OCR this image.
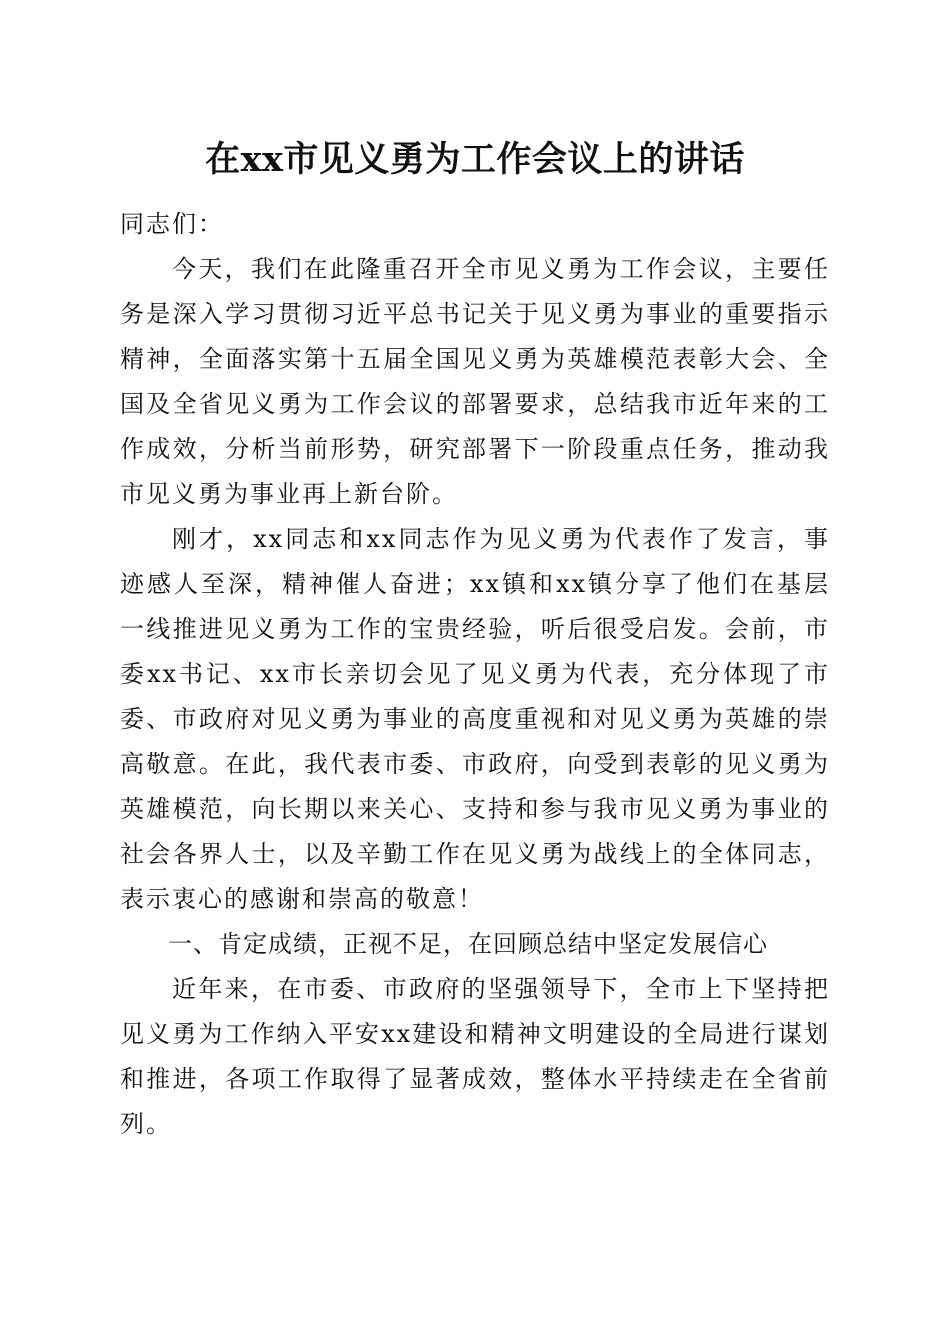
在xx市见义勇为工作会议上的讲话

同志们：

今天，我们在此隆重召开全市见义勇为工作会议，主要任务是深入学习贯彻习近平总书记关于见义勇为事业的重要指示精神，全面落实第十五届全国见义勇为英雄模范表彰大会、全国及全省见义勇为工作会议的部署要求，总结我市近年来的工作成效，分析当前形势，研究部署下一阶段重点任务，推动我市见义勇为事业再上新台阶。

刚才，xx同志和xx同志作为见义勇为代表作了发言，事迹感人至深，精神催人奋进；xx镇和xx镇分享了他们在基层一线推进见义勇为工作的宝贵经验，听后很受启发。会前，市委xx书记、xx市长亲切会见了见义勇为代表，充分体现了市委、市政府对见义勇为事业的高度重视和对见义勇为英雄的崇高敬意。在此，我代表市委、市政府，向受到表彰的见义勇为英雄模范，向长期以来关心、支持和参与我市见义勇为事业的社会各界人士，以及辛勤工作在见义勇为战线上的全体同志，表示衷心的感谢和崇高的敬意！

一、肯定成绩，正视不足，在回顾总结中坚定发展信心

近年来，在市委、市政府的坚强领导下，全市上下坚持把见义勇为工作纳入平安xx建设和精神文明建设的全局进行谋划和推进，各项工作取得了显著成效，整体水平持续走在全省前列。
